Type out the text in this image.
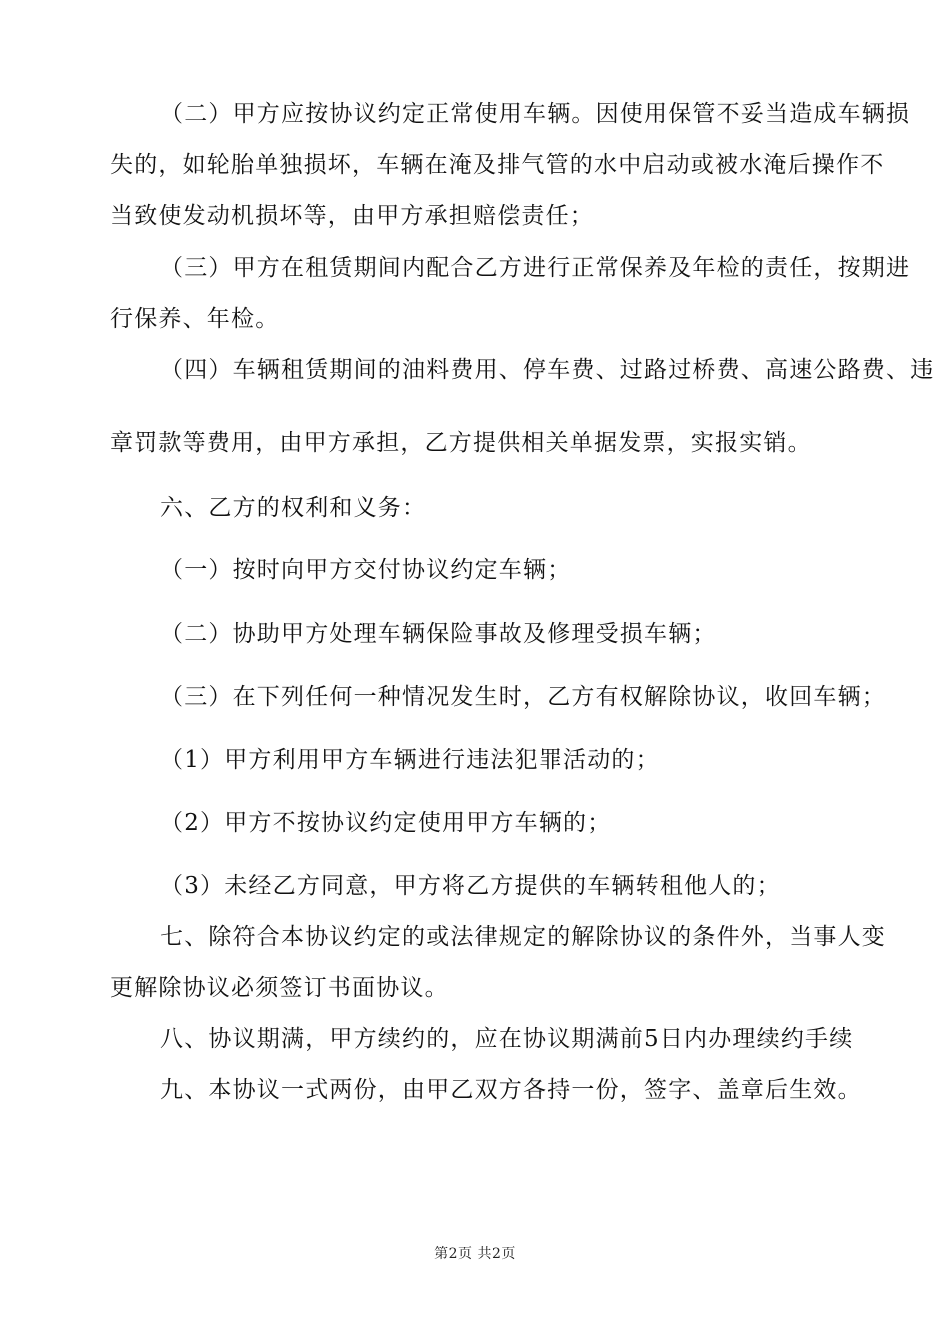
（二）甲方应按协议约定正常使用车辆。因使用保管不妥当造成车辆损
失的，如轮胎单独损坏，车辆在淹及排气管的水中启动或被水淹后操作不
当致使发动机损坏等，由甲方承担赔偿责任；
（三）甲方在租赁期间内配合乙方进行正常保养及年检的责任，按期进
行保养、年检。
（四）车辆租赁期间的油料费用、停车费、过路过桥费、高速公路费、违
章罚款等费用，由甲方承担，乙方提供相关单据发票，实报实销。
六、乙方的权利和义务：
（一）按时向甲方交付协议约定车辆；
（二）协助甲方处理车辆保险事故及修理受损车辆；
（三）在下列任何一种情况发生时，乙方有权解除协议，收回车辆；
（1）甲方利用甲方车辆进行违法犯罪活动的；
（2）甲方不按协议约定使用甲方车辆的；
（3）未经乙方同意，甲方将乙方提供的车辆转租他人的；
七、除符合本协议约定的或法律规定的解除协议的条件外，当事人变
更解除协议必须签订书面协议。
八、协议期满，甲方续约的，应在协议期满前5日内办理续约手续
九、本协议一式两份，由甲乙双方各持一份，签字、盖章后生效。
第2页 共2页
